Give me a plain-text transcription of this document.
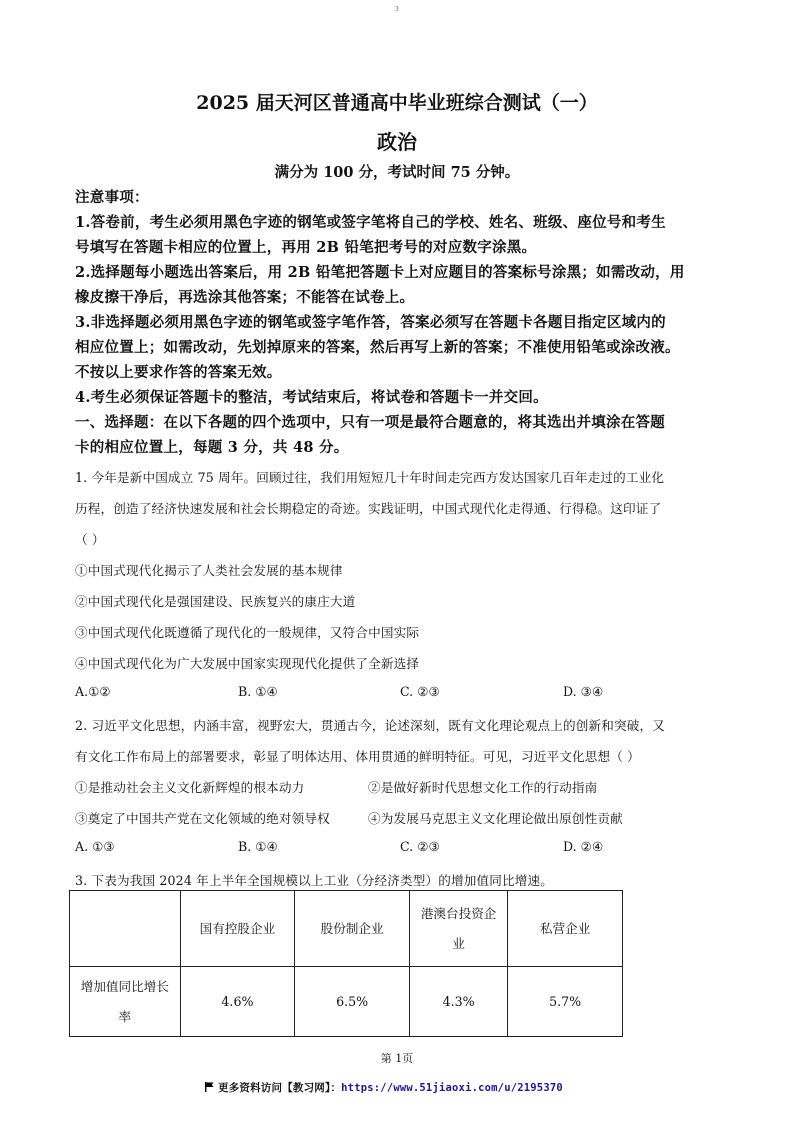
3
2025 届天河区普通高中毕业班综合测试（一）
政治
满分为 100 分，考试时间 75 分钟。
注意事项：
1.答卷前，考生必须用黑色字迹的钢笔或签字笔将自己的学校、姓名、班级、座位号和考生
号填写在答题卡相应的位置上，再用 2B 铅笔把考号的对应数字涂黑。
2.选择题每小题选出答案后，用 2B 铅笔把答题卡上对应题目的答案标号涂黑；如需改动，用
橡皮擦干净后，再选涂其他答案；不能答在试卷上。
3.非选择题必须用黑色字迹的钢笔或签字笔作答，答案必须写在答题卡各题目指定区域内的
相应位置上；如需改动，先划掉原来的答案，然后再写上新的答案；不准使用铅笔或涂改液。
不按以上要求作答的答案无效。
4.考生必须保证答题卡的整洁，考试结束后，将试卷和答题卡一并交回。
一、选择题：在以下各题的四个选项中，只有一项是最符合题意的，将其选出并填涂在答题
卡的相应位置上，每题 3 分，共 48 分。
1. 今年是新中国成立 75 周年。回顾过往，我们用短短几十年时间走完西方发达国家几百年走过的工业化
历程，创造了经济快速发展和社会长期稳定的奇迹。实践证明，中国式现代化走得通、行得稳。这印证了
（ ）
①中国式现代化揭示了人类社会发展的基本规律
②中国式现代化是强国建设、民族复兴的康庄大道
③中国式现代化既遵循了现代化的一般规律，又符合中国实际
④中国式现代化为广大发展中国家实现现代化提供了全新选择
A.①②	B. ①④	C. ②③	D. ③④
2. 习近平文化思想，内涵丰富，视野宏大，贯通古今，论述深刻，既有文化理论观点上的创新和突破，又
有文化工作布局上的部署要求，彰显了明体达用、体用贯通的鲜明特征。可见，习近平文化思想（ ）
①是推动社会主义文化新辉煌的根本动力	②是做好新时代思想文化工作的行动指南
③奠定了中国共产党在文化领域的绝对领导权	④为发展马克思主义文化理论做出原创性贡献
A. ①③	B. ①④	C. ②③	D. ②④
3. 下表为我国 2024 年上半年全国规模以上工业（分经济类型）的增加值同比增速。
	国有控股企业	股份制企业	港澳台投资企业	私营企业
增加值同比增长率	4.6%	6.5%	4.3%	5.7%
第 1页
更多资料访问【教习网】：https://www.51jiaoxi.com/u/2195370
